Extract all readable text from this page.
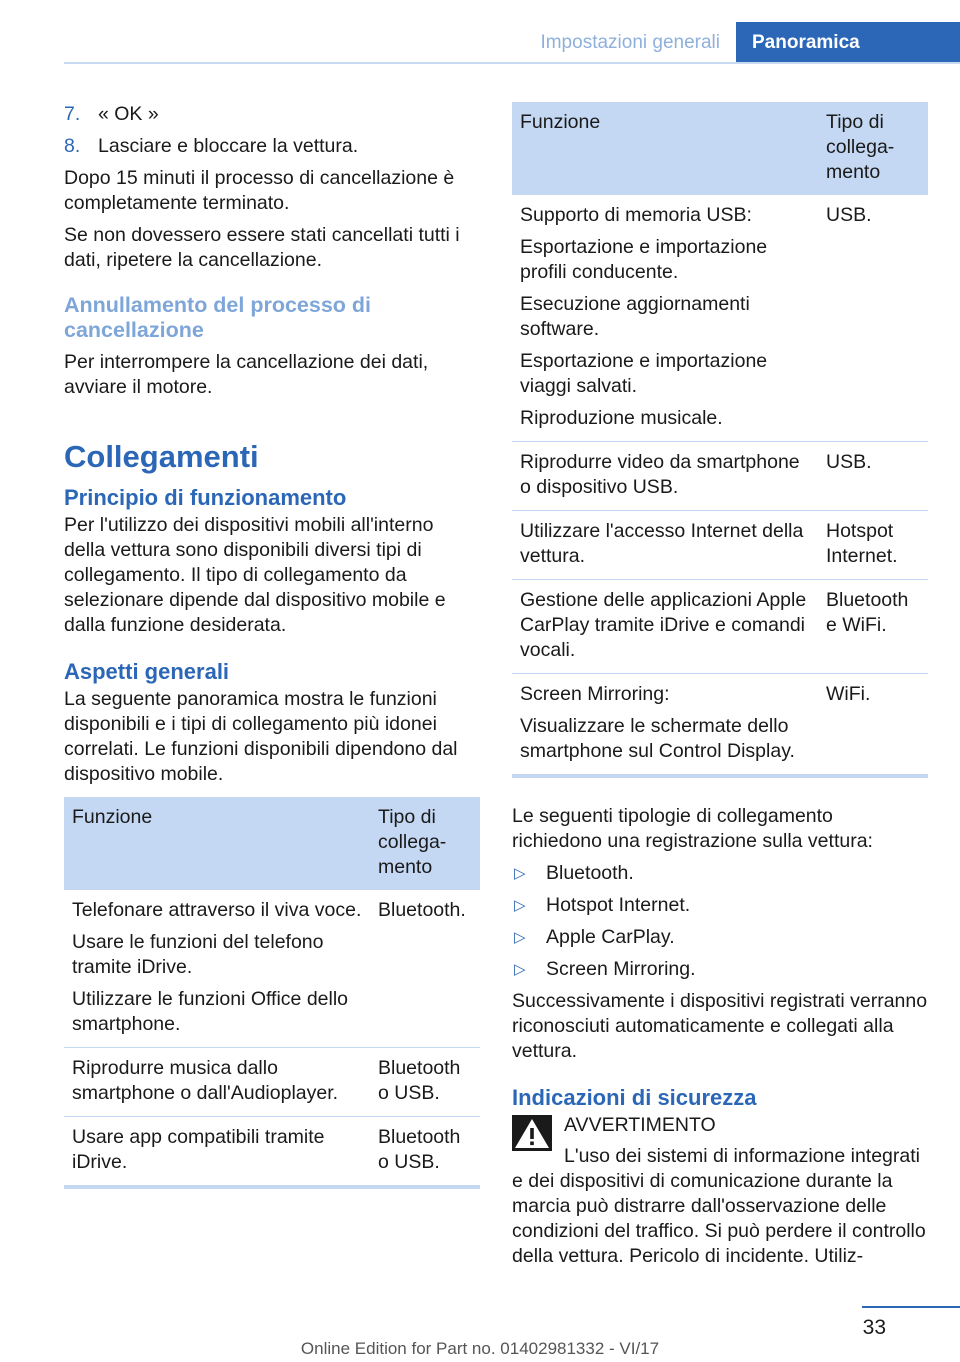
Impostazioni generali	Panoramica
7. « OK »
8. Lasciare e bloccare la vettura.

Dopo 15 minuti il processo di cancellazione è completamente terminato.

Se non dovessero essere stati cancellati tutti i dati, ripetere la cancellazione.

Annullamento del processo di cancellazione

Per interrompere la cancellazione dei dati, avviare il motore.

Collegamenti
Principio di funzionamento

Per l'utilizzo dei dispositivi mobili all'interno della vettura sono disponibili diversi tipi di collegamento. Il tipo di collegamento da selezionare dipende dal dispositivo mobile e dalla funzione desiderata.

Aspetti generali

La seguente panoramica mostra le funzioni disponibili e i tipi di collegamento più idonei correlati. Le funzioni disponibili dipendono dal dispositivo mobile.

Funzione	Tipo di collega-mento

Telefonare attraverso il viva voce.

Usare le funzioni del telefono tramite iDrive.

Utilizzare le funzioni Office dello smartphone.	Bluetooth.

Riprodurre musica dallo smartphone o dall'Audioplayer.	Bluetooth o USB.

Usare app compatibili tramite iDrive.	Bluetooth o USB.
Funzione	Tipo di collega-mento

Supporto di memoria USB:

Esportazione e importazione profili conducente.

Esecuzione aggiornamenti software.

Esportazione e importazione viaggi salvati.

Riproduzione musicale.	USB.

Riprodurre video da smartphone o dispositivo USB.	USB.

Utilizzare l'accesso Internet della vettura.	Hotspot Internet.

Gestione delle applicazioni Apple CarPlay tramite iDrive e comandi vocali.	Bluetooth e WiFi.

Screen Mirroring:

Visualizzare le schermate dello smartphone sul Control Display.	WiFi.

Le seguenti tipologie di collegamento richiedono una registrazione sulla vettura:

▷ Bluetooth.
▷ Hotspot Internet.
▷ Apple CarPlay.
▷ Screen Mirroring.

Successivamente i dispositivi registrati verranno riconosciuti automaticamente e collegati alla vettura.

Indicazioni di sicurezza
AVVERTIMENTO

L'uso dei sistemi di informazione integrati e dei dispositivi di comunicazione durante la marcia può distrarre dall'osservazione delle condizioni del traffico. Si può perdere il controllo della vettura. Pericolo di incidente. Utiliz-

33
Online Edition for Part no. 01402981332 - VI/17
